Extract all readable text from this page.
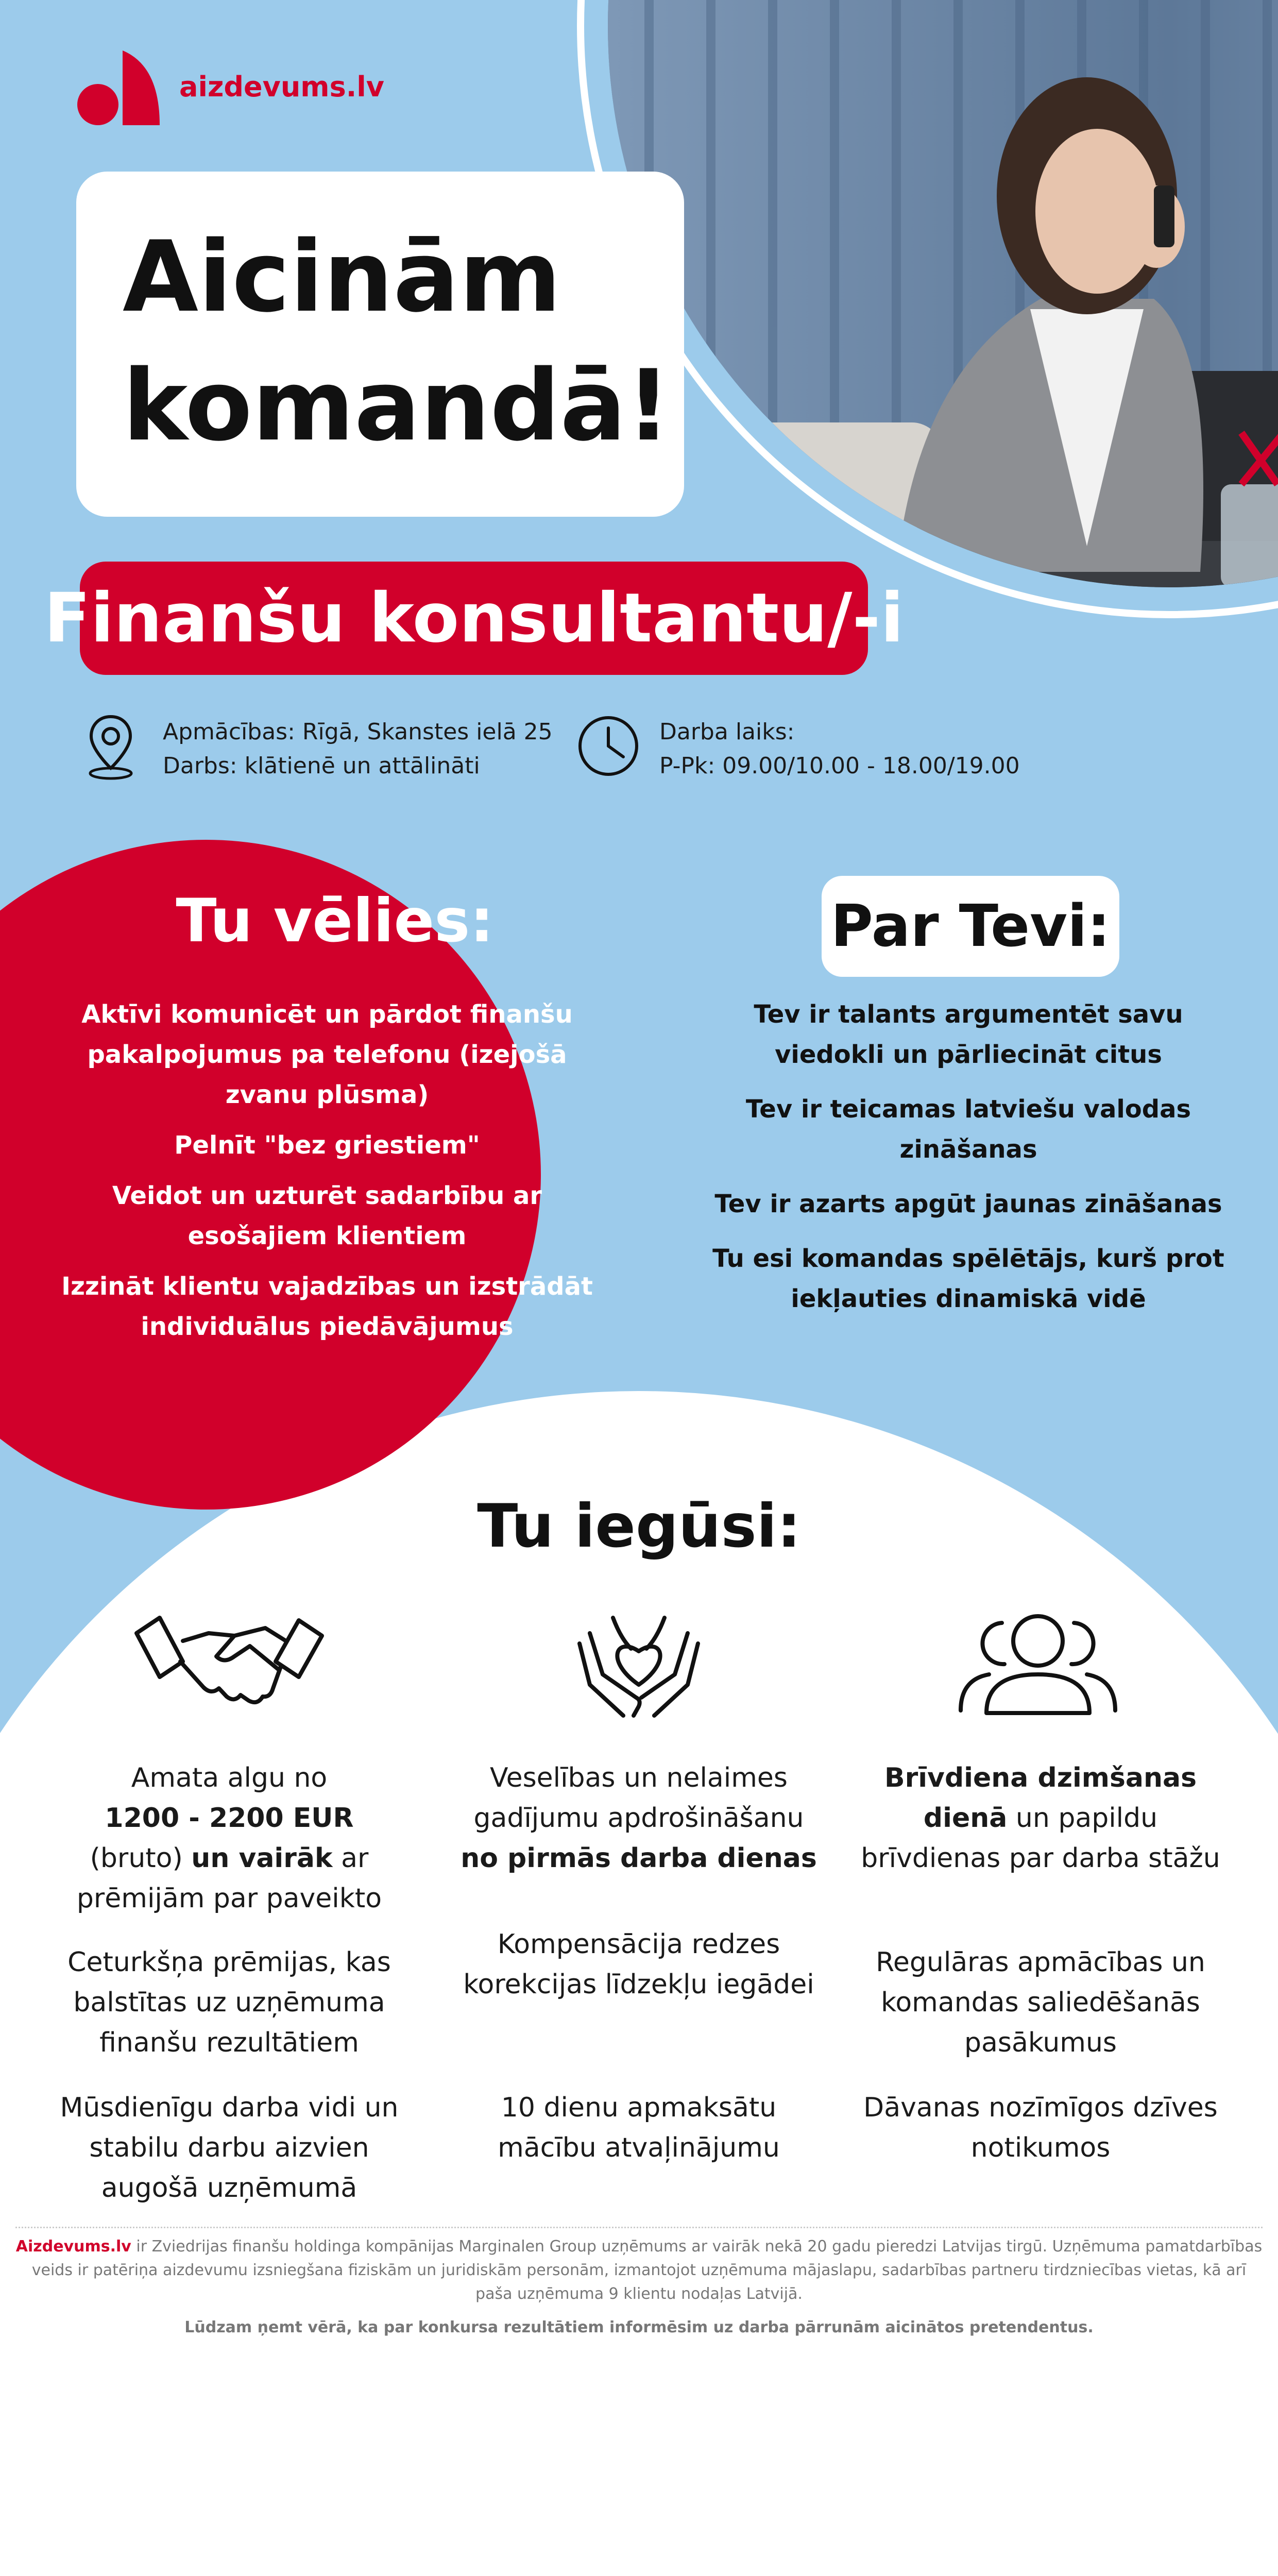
aizdevums.lv
Aicinām
komandā!
Finanšu konsultantu/-i
Apmācības: Rīgā, Skanstes ielā 25
Darbs: klātienē un attālināti
Darba laiks:
P-Pk: 09.00/10.00 - 18.00/19.00
Tu vēlies:
Aktīvi komunicēt un pārdot finanšu pakalpojumus pa telefonu (izejošā zvanu plūsma)
Pelnīt "bez griestiem"
Veidot un uzturēt sadarbību ar esošajiem klientiem
Izzināt klientu vajadzības un izstrādāt individuālus piedāvājumus
Par Tevi:
Tev ir talants argumentēt savu viedokli un pārliecināt citus
Tev ir teicamas latviešu valodas zināšanas
Tev ir azarts apgūt jaunas zināšanas
Tu esi komandas spēlētājs, kurš prot iekļauties dinamiskā vidē
Tu iegūsi:
Amata algu no
1200 - 2200 EUR
(bruto) un vairāk ar prēmijām par paveikto
Ceturkšņa prēmijas, kas balstītas uz uzņēmuma finanšu rezultātiem
Mūsdienīgu darba vidi un stabilu darbu aizvien augošā uzņēmumā
Veselības un nelaimes gadījumu apdrošināšanu
no pirmās darba dienas
Kompensācija redzes korekcijas līdzekļu iegādei
10 dienu apmaksātu mācību atvaļinājumu
Brīvdiena dzimšanas dienā un papildu brīvdienas par darba stāžu
Regulāras apmācības un komandas saliedēšanās pasākumus
Dāvanas nozīmīgos dzīves notikumos
Aizdevums.lv ir Zviedrijas finanšu holdinga kompānijas Marginalen Group uzņēmums ar vairāk nekā 20 gadu pieredzi Latvijas tirgū. Uzņēmuma pamatdarbības veids ir patēriņa aizdevumu izsniegšana fiziskām un juridiskām personām, izmantojot uzņēmuma mājaslapu, sadarbības partneru tirdzniecības vietas, kā arī paša uzņēmuma 9 klientu nodaļas Latvijā.
Lūdzam ņemt vērā, ka par konkursa rezultātiem informēsim uz darba pārrunām aicinātos pretendentus.
